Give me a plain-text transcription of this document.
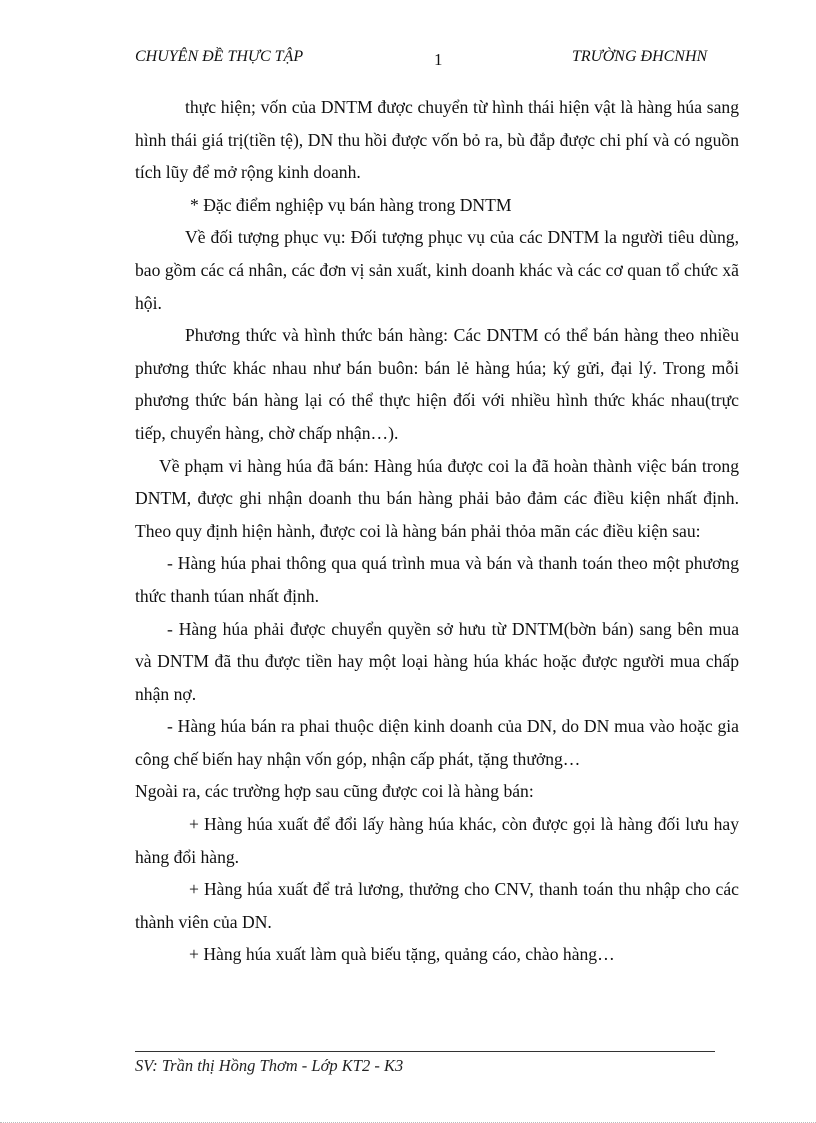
CHUYÊN ĐỀ THỰC TẬP	1	TRƯỜNG ĐHCNHN

thực hiện; vốn của DNTM được chuyển từ hình thái hiện vật là hàng húa sang hình thái giá trị(tiền tệ), DN thu hồi được vốn bỏ ra, bù đắp được chi phí và có nguồn tích lũy để mở rộng kinh doanh.

* Đặc điểm nghiệp vụ bán hàng trong DNTM

Về đối tượng phục vụ: Đối tượng phục vụ của các DNTM la người tiêu dùng, bao gồm các cá nhân, các đơn vị sản xuất, kinh doanh khác và các cơ quan tổ chức xã hội.

Phương thức và hình thức bán hàng: Các DNTM có thể bán hàng theo nhiều phương thức khác nhau như bán buôn: bán lẻ hàng húa; ký gửi, đại lý. Trong mỗi phương thức bán hàng lại có thể thực hiện đối với nhiều hình thức khác nhau(trực tiếp, chuyển hàng, chờ chấp nhận…).

Về phạm vi hàng húa đã bán: Hàng húa được coi la đã hoàn thành việc bán trong DNTM, được ghi nhận doanh thu bán hàng phải bảo đảm các điều kiện nhất định. Theo quy định hiện hành, được coi là hàng bán phải thỏa mãn các điều kiện sau:

- Hàng húa phai thông qua quá trình mua và bán và thanh toán theo một phương thức thanh túan nhất định.

- Hàng húa phải được chuyển quyền sở hưu từ DNTM(bờn bán) sang bên mua và DNTM đã thu được tiền hay một loại hàng húa khác hoặc được người mua chấp nhận nợ.

- Hàng húa bán ra phai thuộc diện kinh doanh của DN, do DN mua vào hoặc gia công chế biến hay nhận vốn góp, nhận cấp phát, tặng thưởng…

Ngoài ra, các trường hợp sau cũng được coi là hàng bán:

+ Hàng húa xuất để đổi lấy hàng húa khác, còn được gọi là hàng đối lưu hay hàng đổi hàng.

+ Hàng húa xuất để trả lương, thưởng cho CNV, thanh toán thu nhập cho các thành viên của DN.

+ Hàng húa xuất làm quà biếu tặng, quảng cáo, chào hàng…

SV: Trần thị Hồng Thơm - Lớp KT2 - K3
